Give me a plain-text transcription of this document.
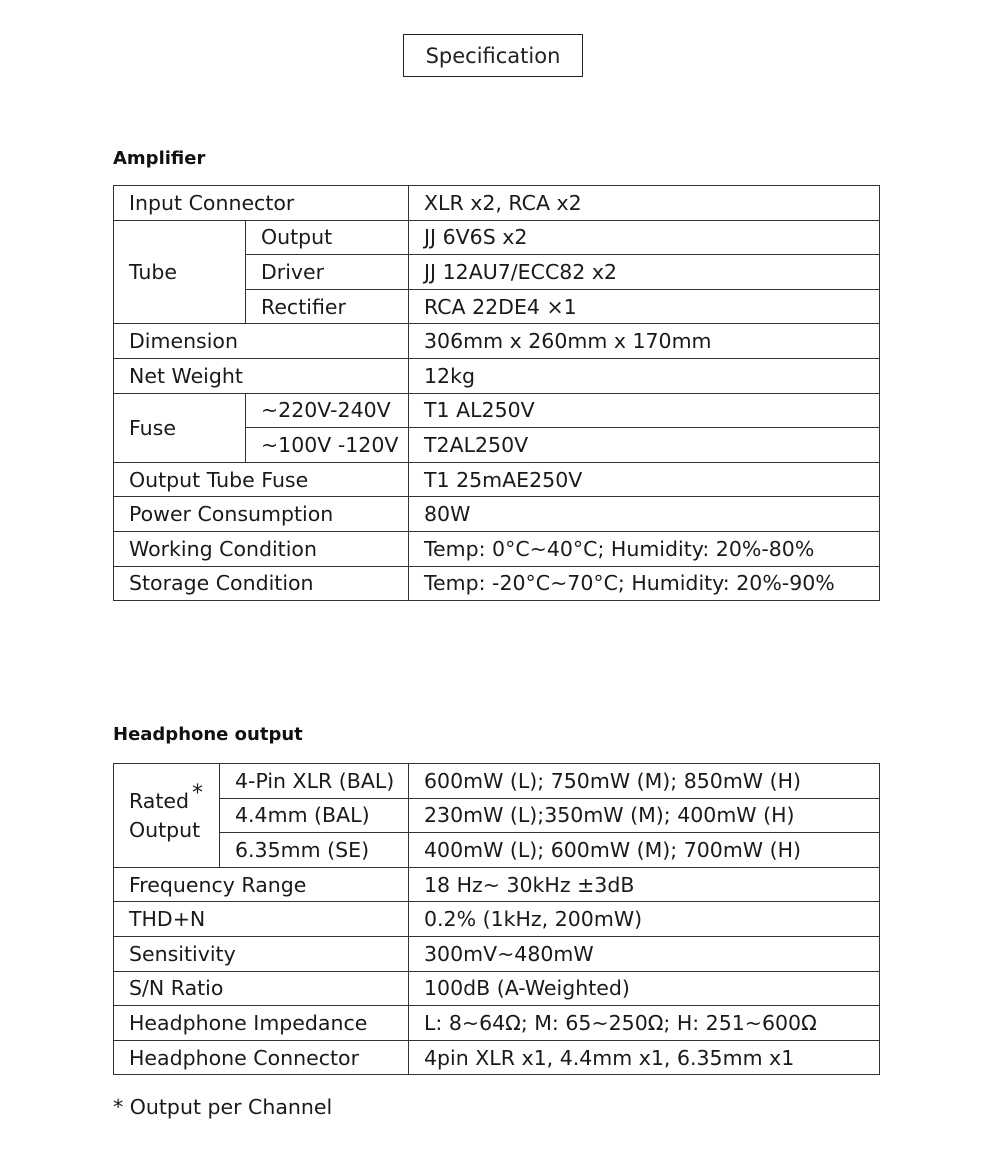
Specification
Amplifier
Input Connector		XLR x2, RCA x2
Tube	Output	JJ 6V6S x2
	Driver	JJ 12AU7/ECC82 x2
	Rectifier	RCA 22DE4 ×1
Dimension		306mm x 260mm x 170mm
Net Weight		12kg
Fuse	~220V-240V	T1 AL250V
	~100V -120V	T2AL250V
Output Tube Fuse		T1 25mAE250V
Power Consumption		80W
Working Condition		Temp: 0°C~40°C; Humidity: 20%-80%
Storage Condition		Temp: -20°C~70°C; Humidity: 20%-90%
Headphone output
Rated *
Output	4-Pin XLR (BAL)	600mW (L); 750mW (M); 850mW (H)
	4.4mm (BAL)	230mW (L);350mW (M); 400mW (H)
	6.35mm (SE)	400mW (L); 600mW (M); 700mW (H)
Frequency Range		18 Hz~ 30kHz ±3dB
THD+N		0.2% (1kHz, 200mW)
Sensitivity		300mV~480mW
S/N Ratio		100dB (A-Weighted)
Headphone Impedance		L: 8~64Ω; M: 65~250Ω; H: 251~600Ω
Headphone Connector		4pin XLR x1, 4.4mm x1, 6.35mm x1
* Output per Channel
